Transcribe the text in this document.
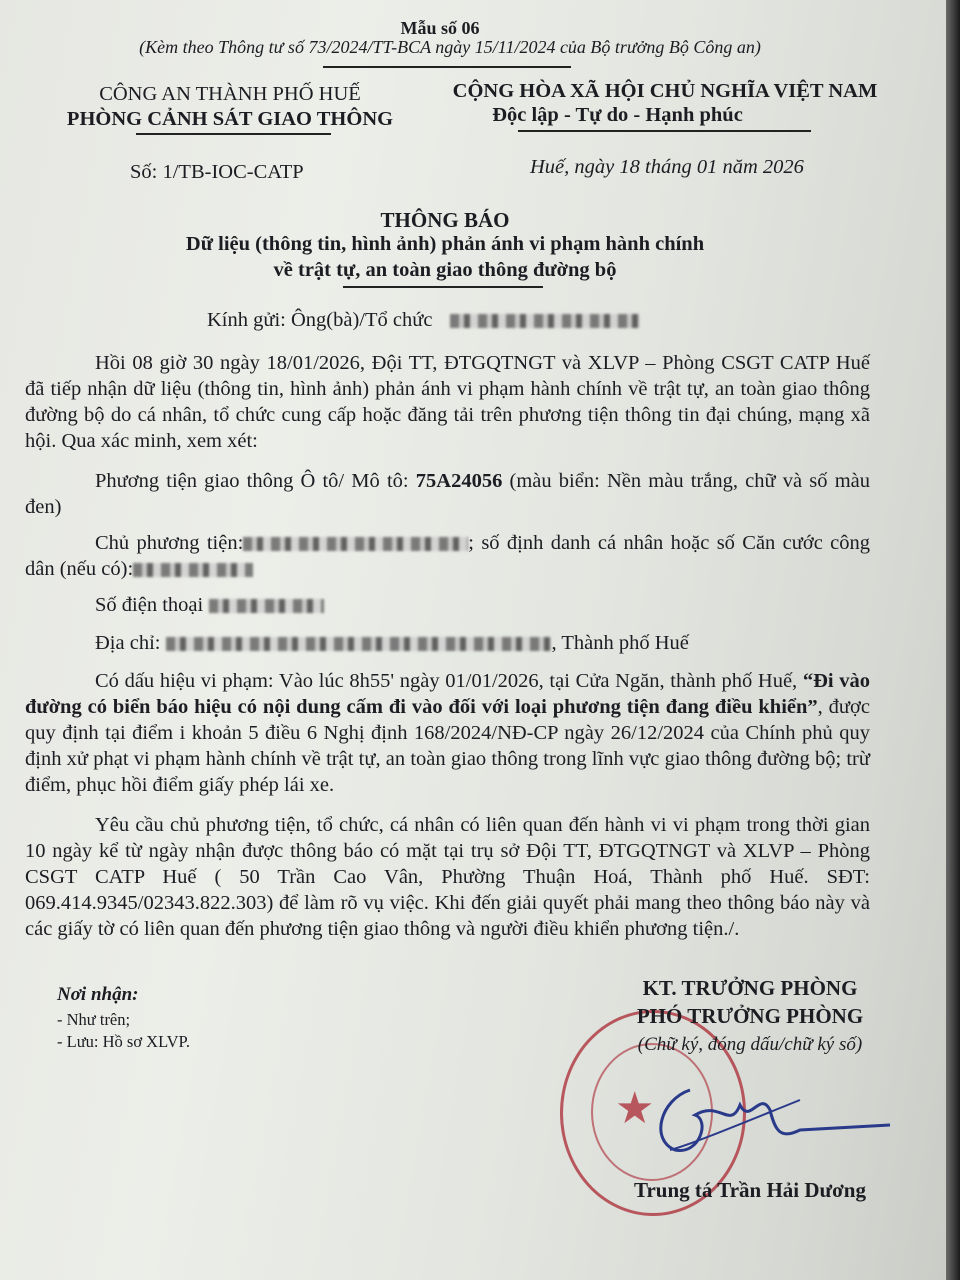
Mẫu số 06
(Kèm theo Thông tư số 73/2024/TT-BCA ngày 15/11/2024 của Bộ trưởng Bộ Công an)
CÔNG AN THÀNH PHỐ HUẾ
PHÒNG CẢNH SÁT GIAO THÔNG
CỘNG HÒA XÃ HỘI CHỦ NGHĨA VIỆT NAM
Độc lập - Tự do - Hạnh phúc
Số: 1/TB-IOC-CATP	Huế, ngày 18 tháng 01 năm 2026
THÔNG BÁO
Dữ liệu (thông tin, hình ảnh) phản ánh vi phạm hành chính
về trật tự, an toàn giao thông đường bộ
Kính gửi: Ông(bà)/Tổ chức
Hồi 08 giờ 30 ngày 18/01/2026, Đội TT, ĐTGQTNGT và XLVP – Phòng CSGT CATP Huế đã tiếp nhận dữ liệu (thông tin, hình ảnh) phản ánh vi phạm hành chính về trật tự, an toàn giao thông đường bộ do cá nhân, tổ chức cung cấp hoặc đăng tải trên phương tiện thông tin đại chúng, mạng xã hội. Qua xác minh, xem xét:
Phương tiện giao thông Ô tô/ Mô tô: 75A24056 (màu biển: Nền màu trắng, chữ và số màu đen)
Chủ phương tiện:	; số định danh cá nhân hoặc số Căn cước công dân (nếu có):
Số điện thoại
Địa chỉ:	, Thành phố Huế
Có dấu hiệu vi phạm: Vào lúc 8h55' ngày 01/01/2026, tại Cửa Ngăn, thành phố Huế, “Đi vào đường có biển báo hiệu có nội dung cấm đi vào đối với loại phương tiện đang điều khiển”, được quy định tại điểm i khoản 5 điều 6 Nghị định 168/2024/NĐ-CP ngày 26/12/2024 của Chính phủ quy định xử phạt vi phạm hành chính về trật tự, an toàn giao thông trong lĩnh vực giao thông đường bộ; trừ điểm, phục hồi điểm giấy phép lái xe.
Yêu cầu chủ phương tiện, tổ chức, cá nhân có liên quan đến hành vi vi phạm trong thời gian 10 ngày kể từ ngày nhận được thông báo có mặt tại trụ sở Đội TT, ĐTGQTNGT và XLVP – Phòng CSGT CATP Huế ( 50 Trần Cao Vân, Phường Thuận Hoá, Thành phố Huế. SĐT: 069.414.9345/02343.822.303) để làm rõ vụ việc. Khi đến giải quyết phải mang theo thông báo này và các giấy tờ có liên quan đến phương tiện giao thông và người điều khiển phương tiện./.
Nơi nhận:
- Như trên;
- Lưu: Hồ sơ XLVP.
★
KT. TRƯỞNG PHÒNG
PHÓ TRƯỞNG PHÒNG
(Chữ ký, đóng dấu/chữ ký số)
Trung tá Trần Hải Dương
